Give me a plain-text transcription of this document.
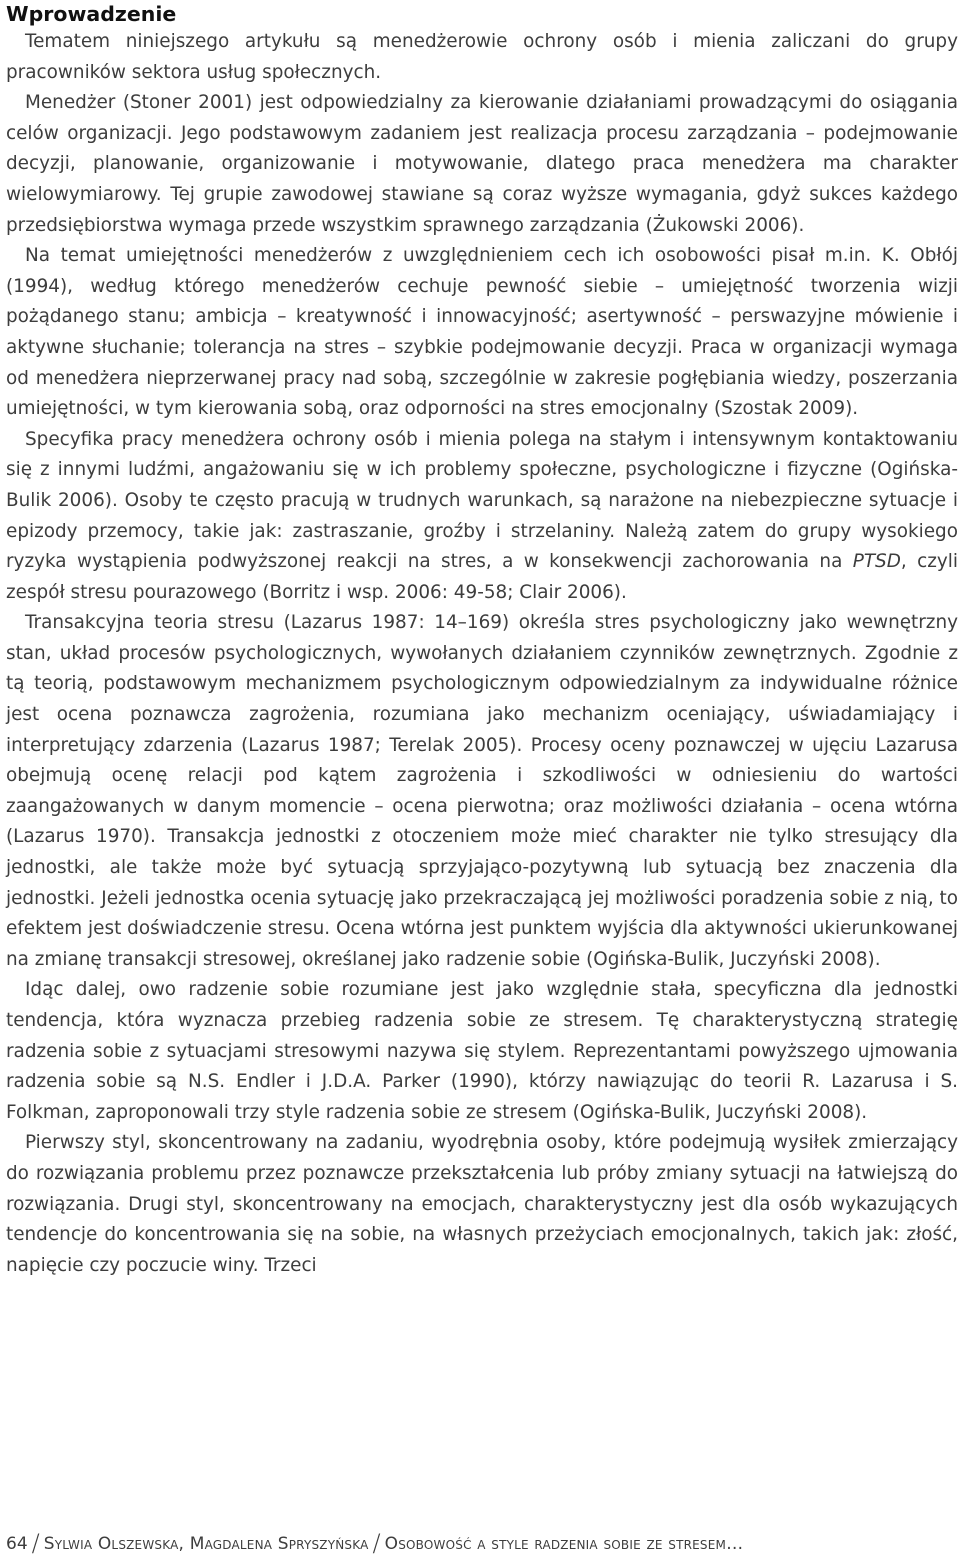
Wprowadzenie

Tematem niniejszego artykułu są menedżerowie ochrony osób i mienia zaliczani do grupy pracowników sektora usług społecznych.

Menedżer (Stoner 2001) jest odpowiedzialny za kierowanie działaniami prowadzącymi do osiągania celów organizacji. Jego podstawowym zadaniem jest realizacja procesu zarządzania – podejmowanie decyzji, planowanie, organizowanie i motywowanie, dlatego praca menedżera ma charakter wielowymiarowy. Tej grupie zawodowej stawiane są coraz wyższe wymagania, gdyż sukces każdego przedsiębiorstwa wymaga przede wszystkim sprawnego zarządzania (Żukowski 2006).

Na temat umiejętności menedżerów z uwzględnieniem cech ich osobowości pisał m.in. K. Obłój (1994), według którego menedżerów cechuje pewność siebie – umiejętność tworzenia wizji pożądanego stanu; ambicja – kreatywność i innowacyjność; asertywność – perswazyjne mówienie i aktywne słuchanie; tolerancja na stres – szybkie podejmowanie decyzji. Praca w organizacji wymaga od menedżera nieprzerwanej pracy nad sobą, szczególnie w zakresie pogłębiania wiedzy, poszerzania umiejętności, w tym kierowania sobą, oraz odporności na stres emocjonalny (Szostak 2009).

Specyfika pracy menedżera ochrony osób i mienia polega na stałym i intensywnym kontaktowaniu się z innymi ludźmi, angażowaniu się w ich problemy społeczne, psychologiczne i fizyczne (Ogińska-Bulik 2006). Osoby te często pracują w trudnych warunkach, są narażone na niebezpieczne sytuacje i epizody przemocy, takie jak: zastraszanie, groźby i strzelaniny. Należą zatem do grupy wysokiego ryzyka wystąpienia podwyższonej reakcji na stres, a w konsekwencji zachorowania na PTSD, czyli zespół stresu pourazowego (Borritz i wsp. 2006: 49-58; Clair 2006).

Transakcyjna teoria stresu (Lazarus 1987: 14–169) określa stres psychologiczny jako wewnętrzny stan, układ procesów psychologicznych, wywołanych działaniem czynników zewnętrznych. Zgodnie z tą teorią, podstawowym mechanizmem psychologicznym odpowiedzialnym za indywidualne różnice jest ocena poznawcza zagrożenia, rozumiana jako mechanizm oceniający, uświadamiający i interpretujący zdarzenia (Lazarus 1987; Terelak 2005). Procesy oceny poznawczej w ujęciu Lazarusa obejmują ocenę relacji pod kątem zagrożenia i szkodliwości w odniesieniu do wartości zaangażowanych w danym momencie – ocena pierwotna; oraz możliwości działania – ocena wtórna (Lazarus 1970). Transakcja jednostki z otoczeniem może mieć charakter nie tylko stresujący dla jednostki, ale także może być sytuacją sprzyjająco-pozytywną lub sytuacją bez znaczenia dla jednostki. Jeżeli jednostka ocenia sytuację jako przekraczającą jej możliwości poradzenia sobie z nią, to efektem jest doświadczenie stresu. Ocena wtórna jest punktem wyjścia dla aktywności ukierunkowanej na zmianę transakcji stresowej, określanej jako radzenie sobie (Ogińska-Bulik, Juczyński 2008).

Idąc dalej, owo radzenie sobie rozumiane jest jako względnie stała, specyficzna dla jednostki tendencja, która wyznacza przebieg radzenia sobie ze stresem. Tę charakterystyczną strategię radzenia sobie z sytuacjami stresowymi nazywa się stylem. Reprezentantami powyższego ujmowania radzenia sobie są N.S. Endler i J.D.A. Parker (1990), którzy nawiązując do teorii R. Lazarusa i S. Folkman, zaproponowali trzy style radzenia sobie ze stresem (Ogińska-Bulik, Juczyński 2008).

Pierwszy styl, skoncentrowany na zadaniu, wyodrębnia osoby, które podejmują wysiłek zmierzający do rozwiązania problemu przez poznawcze przekształcenia lub próby zmiany sytuacji na łatwiejszą do rozwiązania. Drugi styl, skoncentrowany na emocjach, charakterystyczny jest dla osób wykazujących tendencje do koncentrowania się na sobie, na własnych przeżyciach emocjonalnych, takich jak: złość, napięcie czy poczucie winy. Trzeci

64 / Sylwia Olszewska, Magdalena Spryszyńska / Osobowość a style radzenia sobie ze stresem…
